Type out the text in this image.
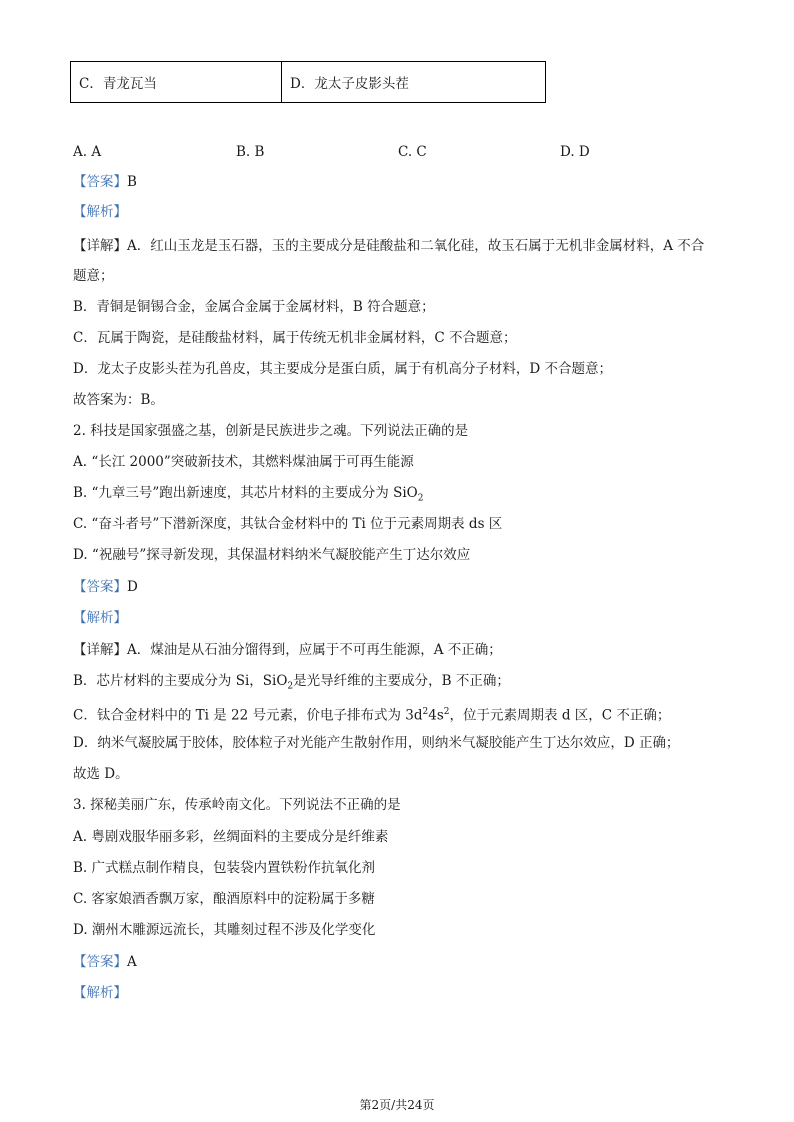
C．青龙瓦当	D．龙太子皮影头茬
A. A	B. B	C. C	D. D
【答案】B
【解析】
【详解】A．红山玉龙是玉石器，玉的主要成分是硅酸盐和二氧化硅，故玉石属于无机非金属材料，A 不合
题意；
B．青铜是铜锡合金，金属合金属于金属材料，B 符合题意；
C．瓦属于陶瓷，是硅酸盐材料，属于传统无机非金属材料，C 不合题意；
D．龙太子皮影头茬为孔兽皮，其主要成分是蛋白质，属于有机高分子材料，D 不合题意；
故答案为：B。
2. 科技是国家强盛之基，创新是民族进步之魂。下列说法正确的是
A. “长江 2000”突破新技术，其燃料煤油属于可再生能源
B. “九章三号”跑出新速度，其芯片材料的主要成分为 SiO$_2$
C. “奋斗者号”下潜新深度，其钛合金材料中的 Ti 位于元素周期表 ds 区
D. “祝融号”探寻新发现，其保温材料纳米气凝胶能产生丁达尔效应
【答案】D
【解析】
【详解】A．煤油是从石油分馏得到，应属于不可再生能源，A 不正确；
B．芯片材料的主要成分为 Si，SiO$_2$是光导纤维的主要成分，B 不正确；
C．钛合金材料中的 Ti 是 22 号元素，价电子排布式为 $3d^24s^2$，位于元素周期表 d 区，C 不正确；
D．纳米气凝胶属于胶体，胶体粒子对光能产生散射作用，则纳米气凝胶能产生丁达尔效应，D 正确；
故选 D。
3. 探秘美丽广东，传承岭南文化。下列说法不正确的是
A. 粤剧戏服华丽多彩，丝绸面料的主要成分是纤维素
B. 广式糕点制作精良，包装袋内置铁粉作抗氧化剂
C. 客家娘酒香飘万家，酿酒原料中的淀粉属于多糖
D. 潮州木雕源远流长，其雕刻过程不涉及化学变化
【答案】A
【解析】
第2页/共24页
